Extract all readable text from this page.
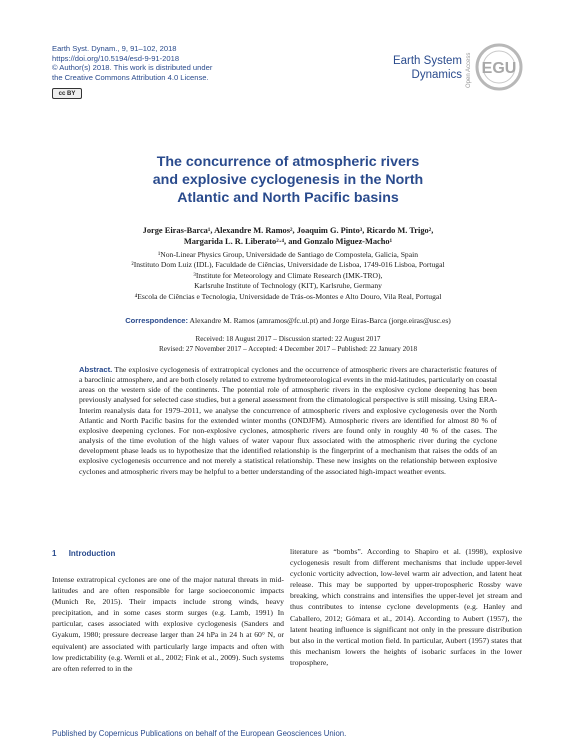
Earth Syst. Dynam., 9, 91–102, 2018
https://doi.org/10.5194/esd-9-91-2018
© Author(s) 2018. This work is distributed under
the Creative Commons Attribution 4.0 License.
cc BY
Earth System
Dynamics Open Access EGU
The concurrence of atmospheric rivers
and explosive cyclogenesis in the North
Atlantic and North Pacific basins
Jorge Eiras-Barca¹, Alexandre M. Ramos², Joaquim G. Pinto³, Ricardo M. Trigo²,
Margarida L. R. Liberato²·⁴, and Gonzalo Miguez-Macho¹
¹Non-Linear Physics Group, Universidade de Santiago de Compostela, Galicia, Spain
²Instituto Dom Luiz (IDL), Faculdade de Ciências, Universidade de Lisboa, 1749-016 Lisboa, Portugal
³Institute for Meteorology and Climate Research (IMK-TRO),
Karlsruhe Institute of Technology (KIT), Karlsruhe, Germany
⁴Escola de Ciências e Tecnologia, Universidade de Trás-os-Montes e Alto Douro, Vila Real, Portugal
Correspondence: Alexandre M. Ramos (amramos@fc.ul.pt) and Jorge Eiras-Barca (jorge.eiras@usc.es)
Received: 18 August 2017 – Discussion started: 22 August 2017
Revised: 27 November 2017 – Accepted: 4 December 2017 – Published: 22 January 2018
Abstract. The explosive cyclogenesis of extratropical cyclones and the occurrence of atmospheric rivers are characteristic features of a baroclinic atmosphere, and are both closely related to extreme hydrometeorological events in the mid-latitudes, particularly on coastal areas on the western side of the continents. The potential role of atmospheric rivers in the explosive cyclone deepening has been previously analysed for selected case studies, but a general assessment from the climatological perspective is still missing. Using ERA-Interim reanalysis data for 1979–2011, we analyse the concurrence of atmospheric rivers and explosive cyclogenesis over the North Atlantic and North Pacific basins for the extended winter months (ONDJFM). Atmospheric rivers are identified for almost 80 % of explosive deepening cyclones. For non-explosive cyclones, atmospheric rivers are found only in roughly 40 % of the cases. The analysis of the time evolution of the high values of water vapour flux associated with the atmospheric river during the cyclone development phase leads us to hypothesize that the identified relationship is the fingerprint of a mechanism that raises the odds of an explosive cyclogenesis occurrence and not merely a statistical relationship. These new insights on the relationship between explosive cyclones and atmospheric rivers may be helpful to a better understanding of the associated high-impact weather events.
1 Introduction
Intense extratropical cyclones are one of the major natural threats in mid-latitudes and are often responsible for large socioeconomic impacts (Munich Re, 2015). Their impacts include strong winds, heavy precipitation, and in some cases storm surges (e.g. Lamb, 1991) In particular, cases associated with explosive cyclogenesis (Sanders and Gyakum, 1980; pressure decrease larger than 24 hPa in 24 h at 60° N, or equivalent) are associated with particularly large impacts and often with low predictability (e.g. Wernli et al., 2002; Fink et al., 2009). Such systems are often referred to in the
literature as “bombs”. According to Shapiro et al. (1998), explosive cyclogenesis result from different mechanisms that include upper-level cyclonic vorticity advection, low-level warm air advection, and latent heat release. This may be supported by upper-tropospheric Rossby wave breaking, which constrains and intensifies the upper-level jet stream and thus contributes to intense cyclone developments (e.g. Hanley and Caballero, 2012; Gómara et al., 2014). According to Aubert (1957), the latent heating influence is significant not only in the pressure distribution but also in the vertical motion field. In particular, Aubert (1957) states that this mechanism lowers the heights of isobaric surfaces in the lower troposphere,
Published by Copernicus Publications on behalf of the European Geosciences Union.
